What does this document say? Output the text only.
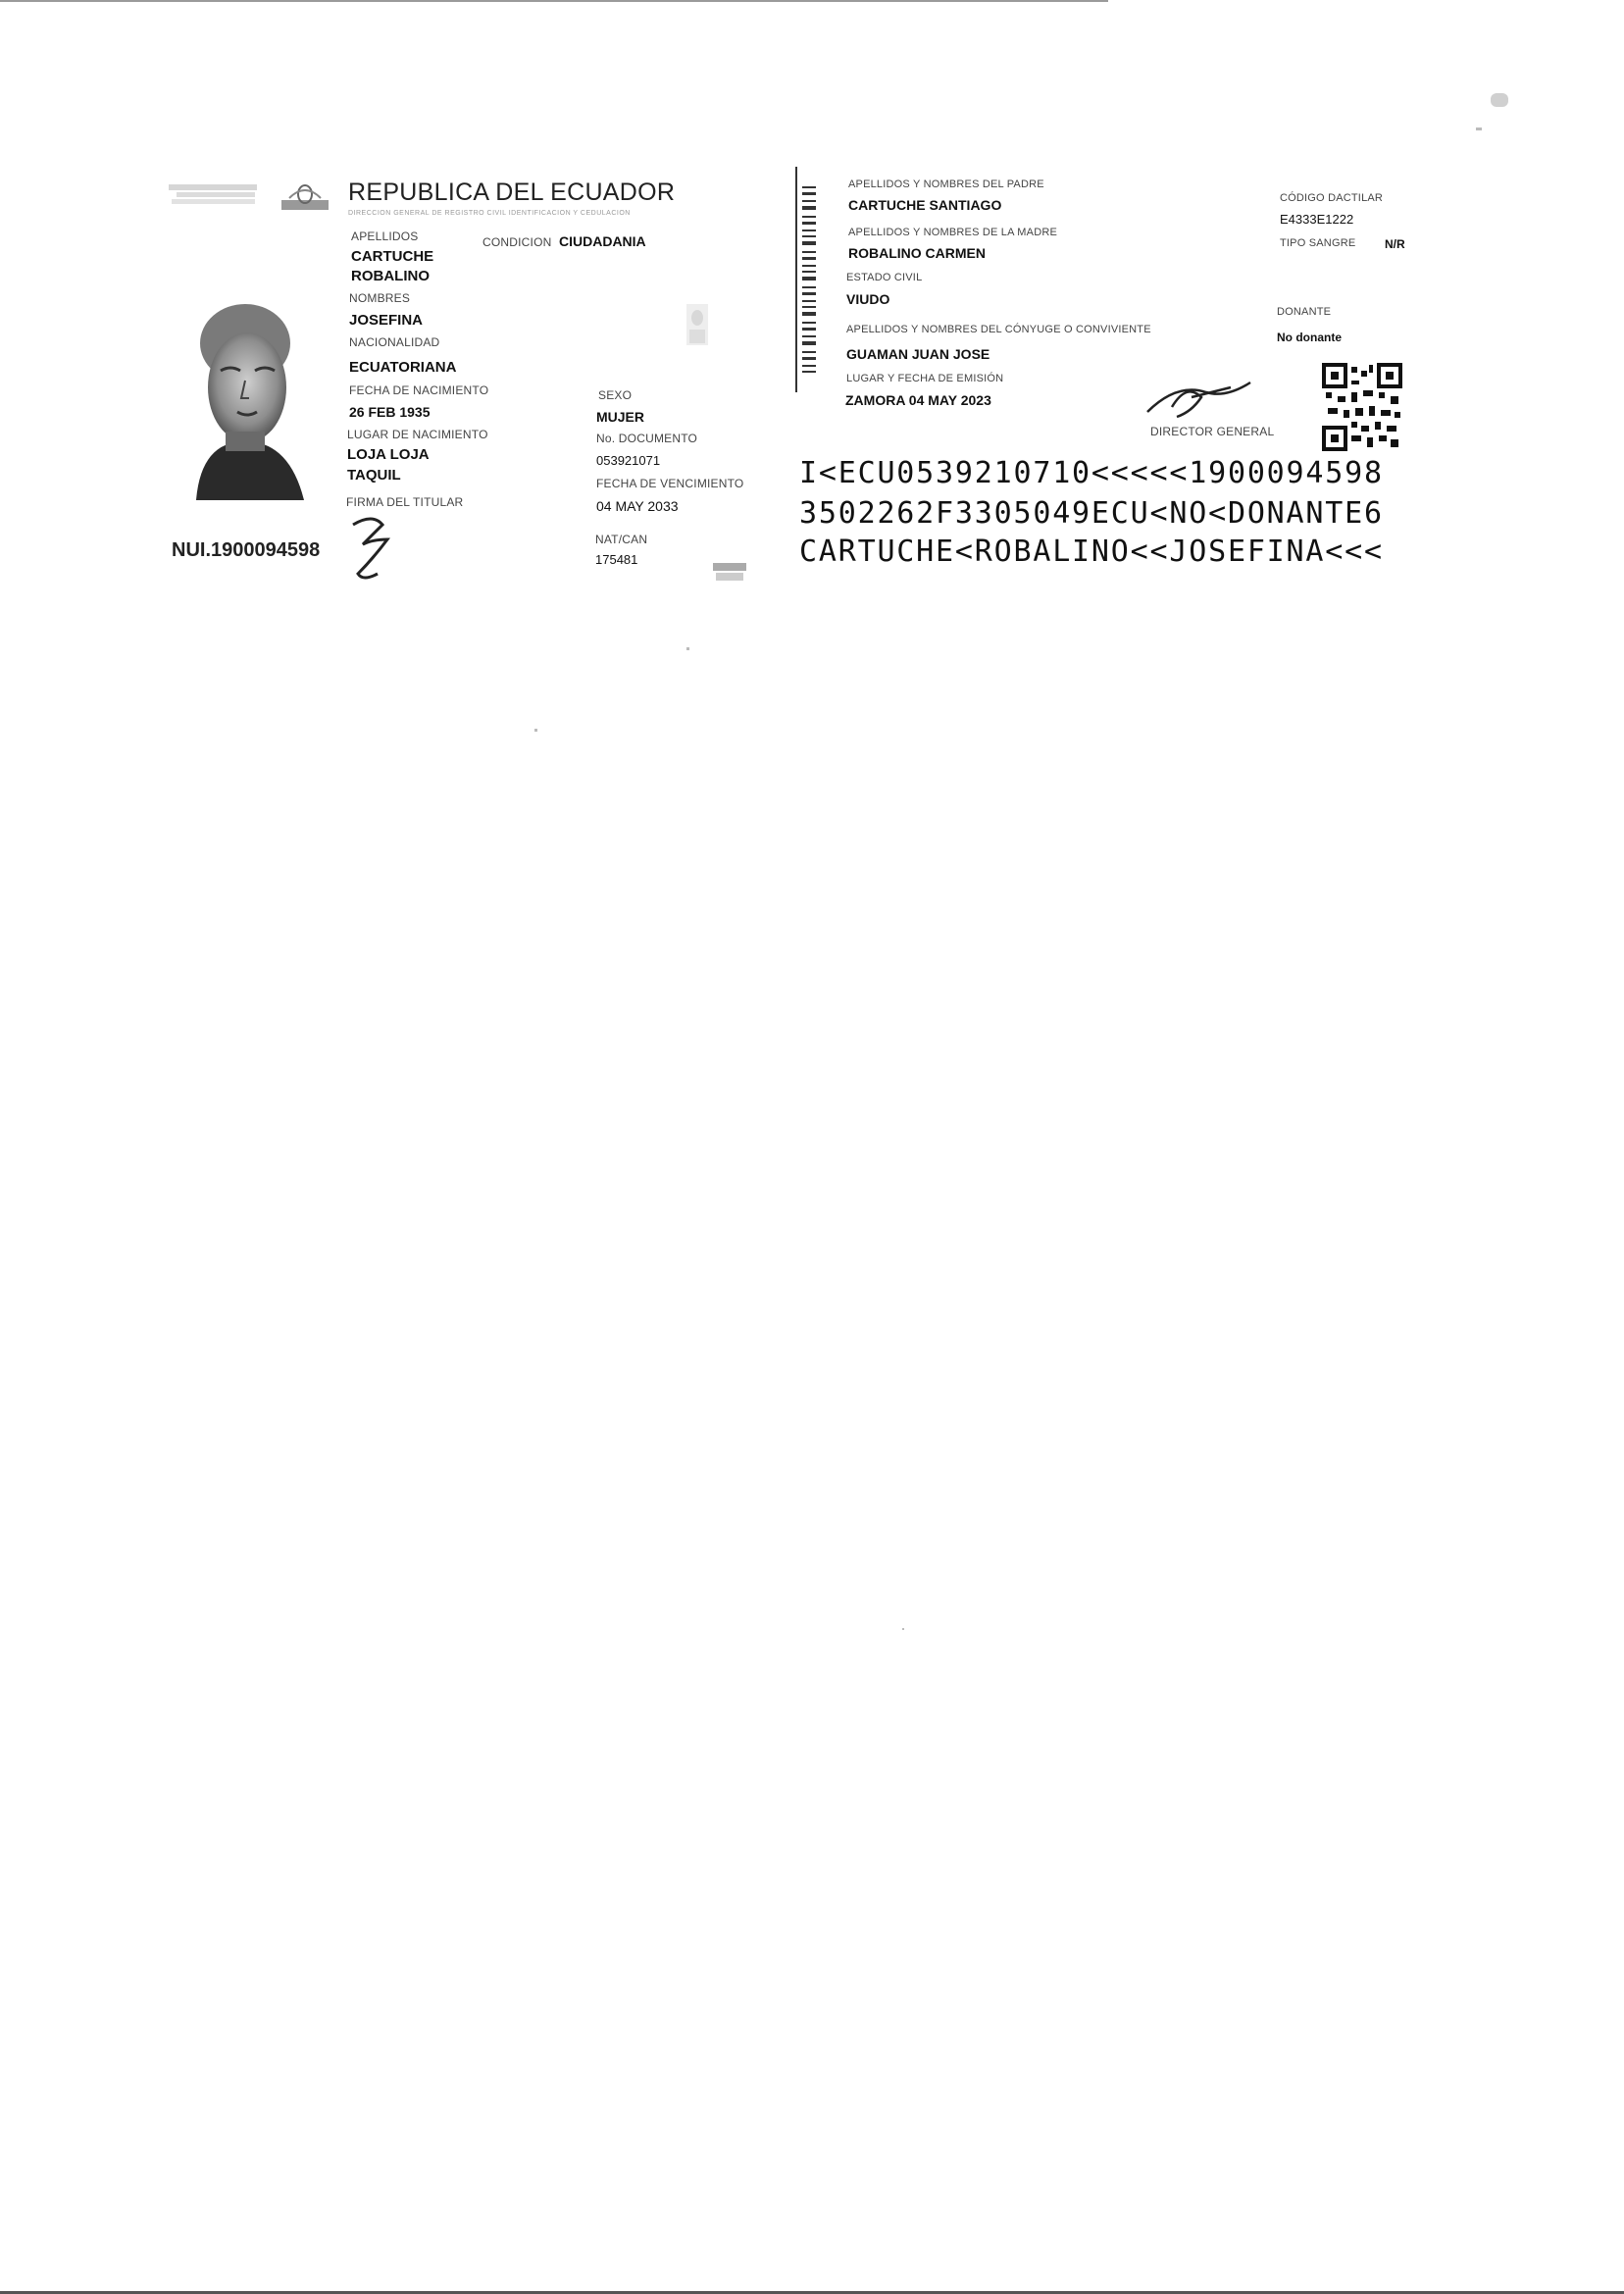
REPUBLICA DEL ECUADOR
DIRECCION GENERAL DE REGISTRO CIVIL IDENTIFICACION Y CEDULACION
APELLIDOS	CONDICION CIUDADANIA
CARTUCHE
ROBALINO
NOMBRES
JOSEFINA
NACIONALIDAD
ECUATORIANA
FECHA DE NACIMIENTO
26 FEB 1935
LUGAR DE NACIMIENTO
LOJA LOJA
TAQUIL
FIRMA DEL TITULAR
SEXO
MUJER
No. DOCUMENTO
053921071
FECHA DE VENCIMIENTO
04 MAY 2033
NAT/CAN
175481
NUI.1900094598
APELLIDOS Y NOMBRES DEL PADRE
CARTUCHE SANTIAGO
APELLIDOS Y NOMBRES DE LA MADRE
ROBALINO CARMEN
ESTADO CIVIL
VIUDO
APELLIDOS Y NOMBRES DEL CÓNYUGE O CONVIVIENTE
GUAMAN JUAN JOSE
LUGAR Y FECHA DE EMISIÓN
ZAMORA 04 MAY 2023
CÓDIGO DACTILAR
E4333E1222
TIPO SANGRE N/R
DONANTE
No donante
DIRECTOR GENERAL
I<ECU0539210710<<<<<1900094598
3502262F3305049ECU<NO<DONANTE6
CARTUCHE<ROBALINO<<JOSEFINA<<<
